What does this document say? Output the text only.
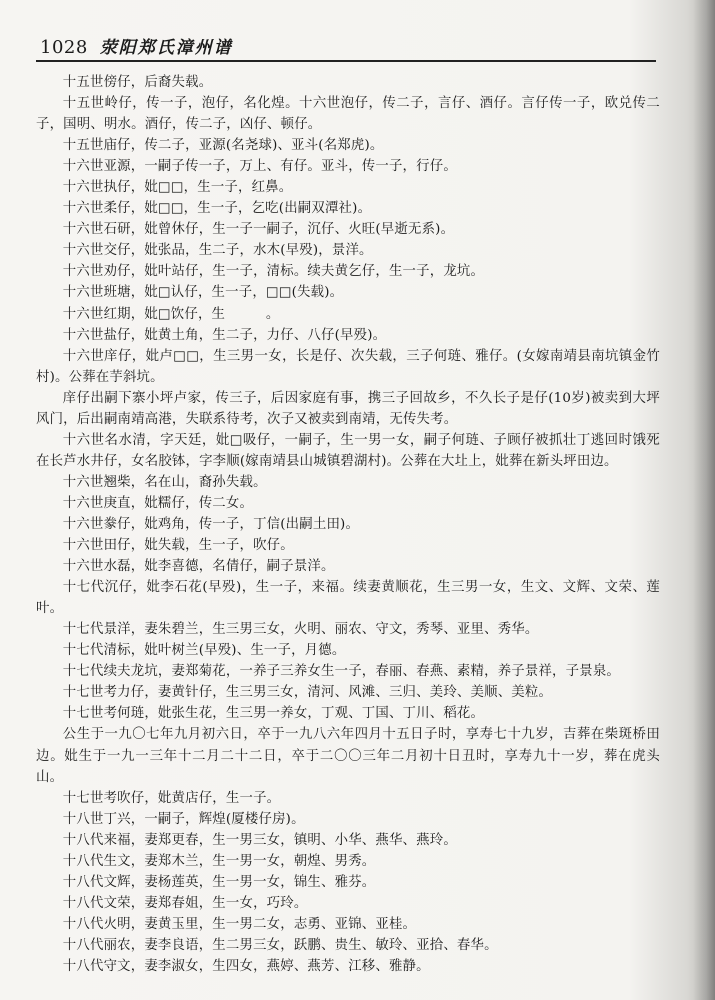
1028 荥阳郑氏漳州谱

十五世傍仔，后裔失载。

十五世岭仔，传一子，泡仔，名化煌。十六世泡仔，传二子，言仔、酒仔。言仔传一子，欧兑传二子，国明、明水。酒仔，传二子，凶仔、顿仔。

十五世庙仔，传二子，亚源(名尧球)、亚斗(名郑虎)。

十六世亚源，一嗣子传一子，万上、有仔。亚斗，传一子，行仔。

十六世执仔，妣□□，生一子，红鼻。

十六世柔仔，妣□□，生一子，乞吃(出嗣双潭社)。

十六世石研，妣曾休仔，生一子一嗣子，沉仔、火旺(早逝无系)。

十六世交仔，妣张品，生二子，水木(早殁)，景洋。

十六世劝仔，妣叶站仔，生一子，清标。续夫黄乞仔，生一子，龙坑。

十六世班塘，妣□认仔，生一子，□□(失载)。

十六世红期，妣□饮仔，生　　　。

十六世盐仔，妣黄土角，生二子，力仔、八仔(早殁)。

十六世庠仔，妣卢□□，生三男一女，长是仔、次失载，三子何琏、雅仔。(女嫁南靖县南坑镇金竹村)。公葬在芋斜坑。

庠仔出嗣下寨小坪卢家，传三子，后因家庭有事，携三子回故乡，不久长子是仔(10岁)被卖到大坪风门，后出嗣南靖高港，失联系待考，次子又被卖到南靖，无传失考。

十六世名水清，字天廷，妣□吸仔，一嗣子，生一男一女，嗣子何琏、子顾仔被抓壮丁逃回时饿死在长芦水井仔，女名胶钵，字李顺(嫁南靖县山城镇碧湖村)。公葬在大圵上，妣葬在新头坪田边。

十六世翘柴，名在山，裔孙失载。

十六世庚直，妣糯仔，传二女。

十六世豢仔，妣鸡角，传一子，丁信(出嗣土田)。

十六世田仔，妣失载，生一子，吹仔。

十六世水磊，妣李喜德，名倩仔，嗣子景洋。

十七代沉仔，妣李石花(早殁)，生一子，来福。续妻黄顺花，生三男一女，生文、文辉、文荣、莲叶。

十七代景洋，妻朱碧兰，生三男三女，火明、丽农、守文，秀琴、亚里、秀华。

十七代清标，妣叶树兰(早殁)、生一子，月德。

十七代续夫龙坑，妻郑菊花，一养子三养女生一子，春丽、春燕、素精，养子景祥，子景泉。

十七世考力仔，妻黄针仔，生三男三女，清河、风滩、三归、美玲、美顺、美粒。

十七世考何琏，妣张生花，生三男一养女，丁观、丁国、丁川、稻花。

公生于一九〇七年九月初六日，卒于一九八六年四月十五日子时，享寿七十九岁，吉葬在柴斑桥田边。妣生于一九一三年十二月二十二日，卒于二〇〇三年二月初十日丑时，享寿九十一岁，葬在虎头山。

十七世考吹仔，妣黄店仔，生一子。

十八世丁兴，一嗣子，辉煌(厦楼仔房)。

十八代来福，妻郑更春，生一男三女，镇明、小华、燕华、燕玲。

十八代生文，妻郑木兰，生一男一女，朝煌、男秀。

十八代文辉，妻杨莲英，生一男一女，锦生、雅芬。

十八代文荣，妻郑春姐，生一女，巧玲。

十八代火明，妻黄玉里，生一男二女，志勇、亚锦、亚桂。

十八代丽农，妻李良语，生二男三女，跃鹏、贵生、敏玲、亚拾、春华。

十八代守文，妻李淑女，生四女，燕婷、燕芳、江移、雅静。
